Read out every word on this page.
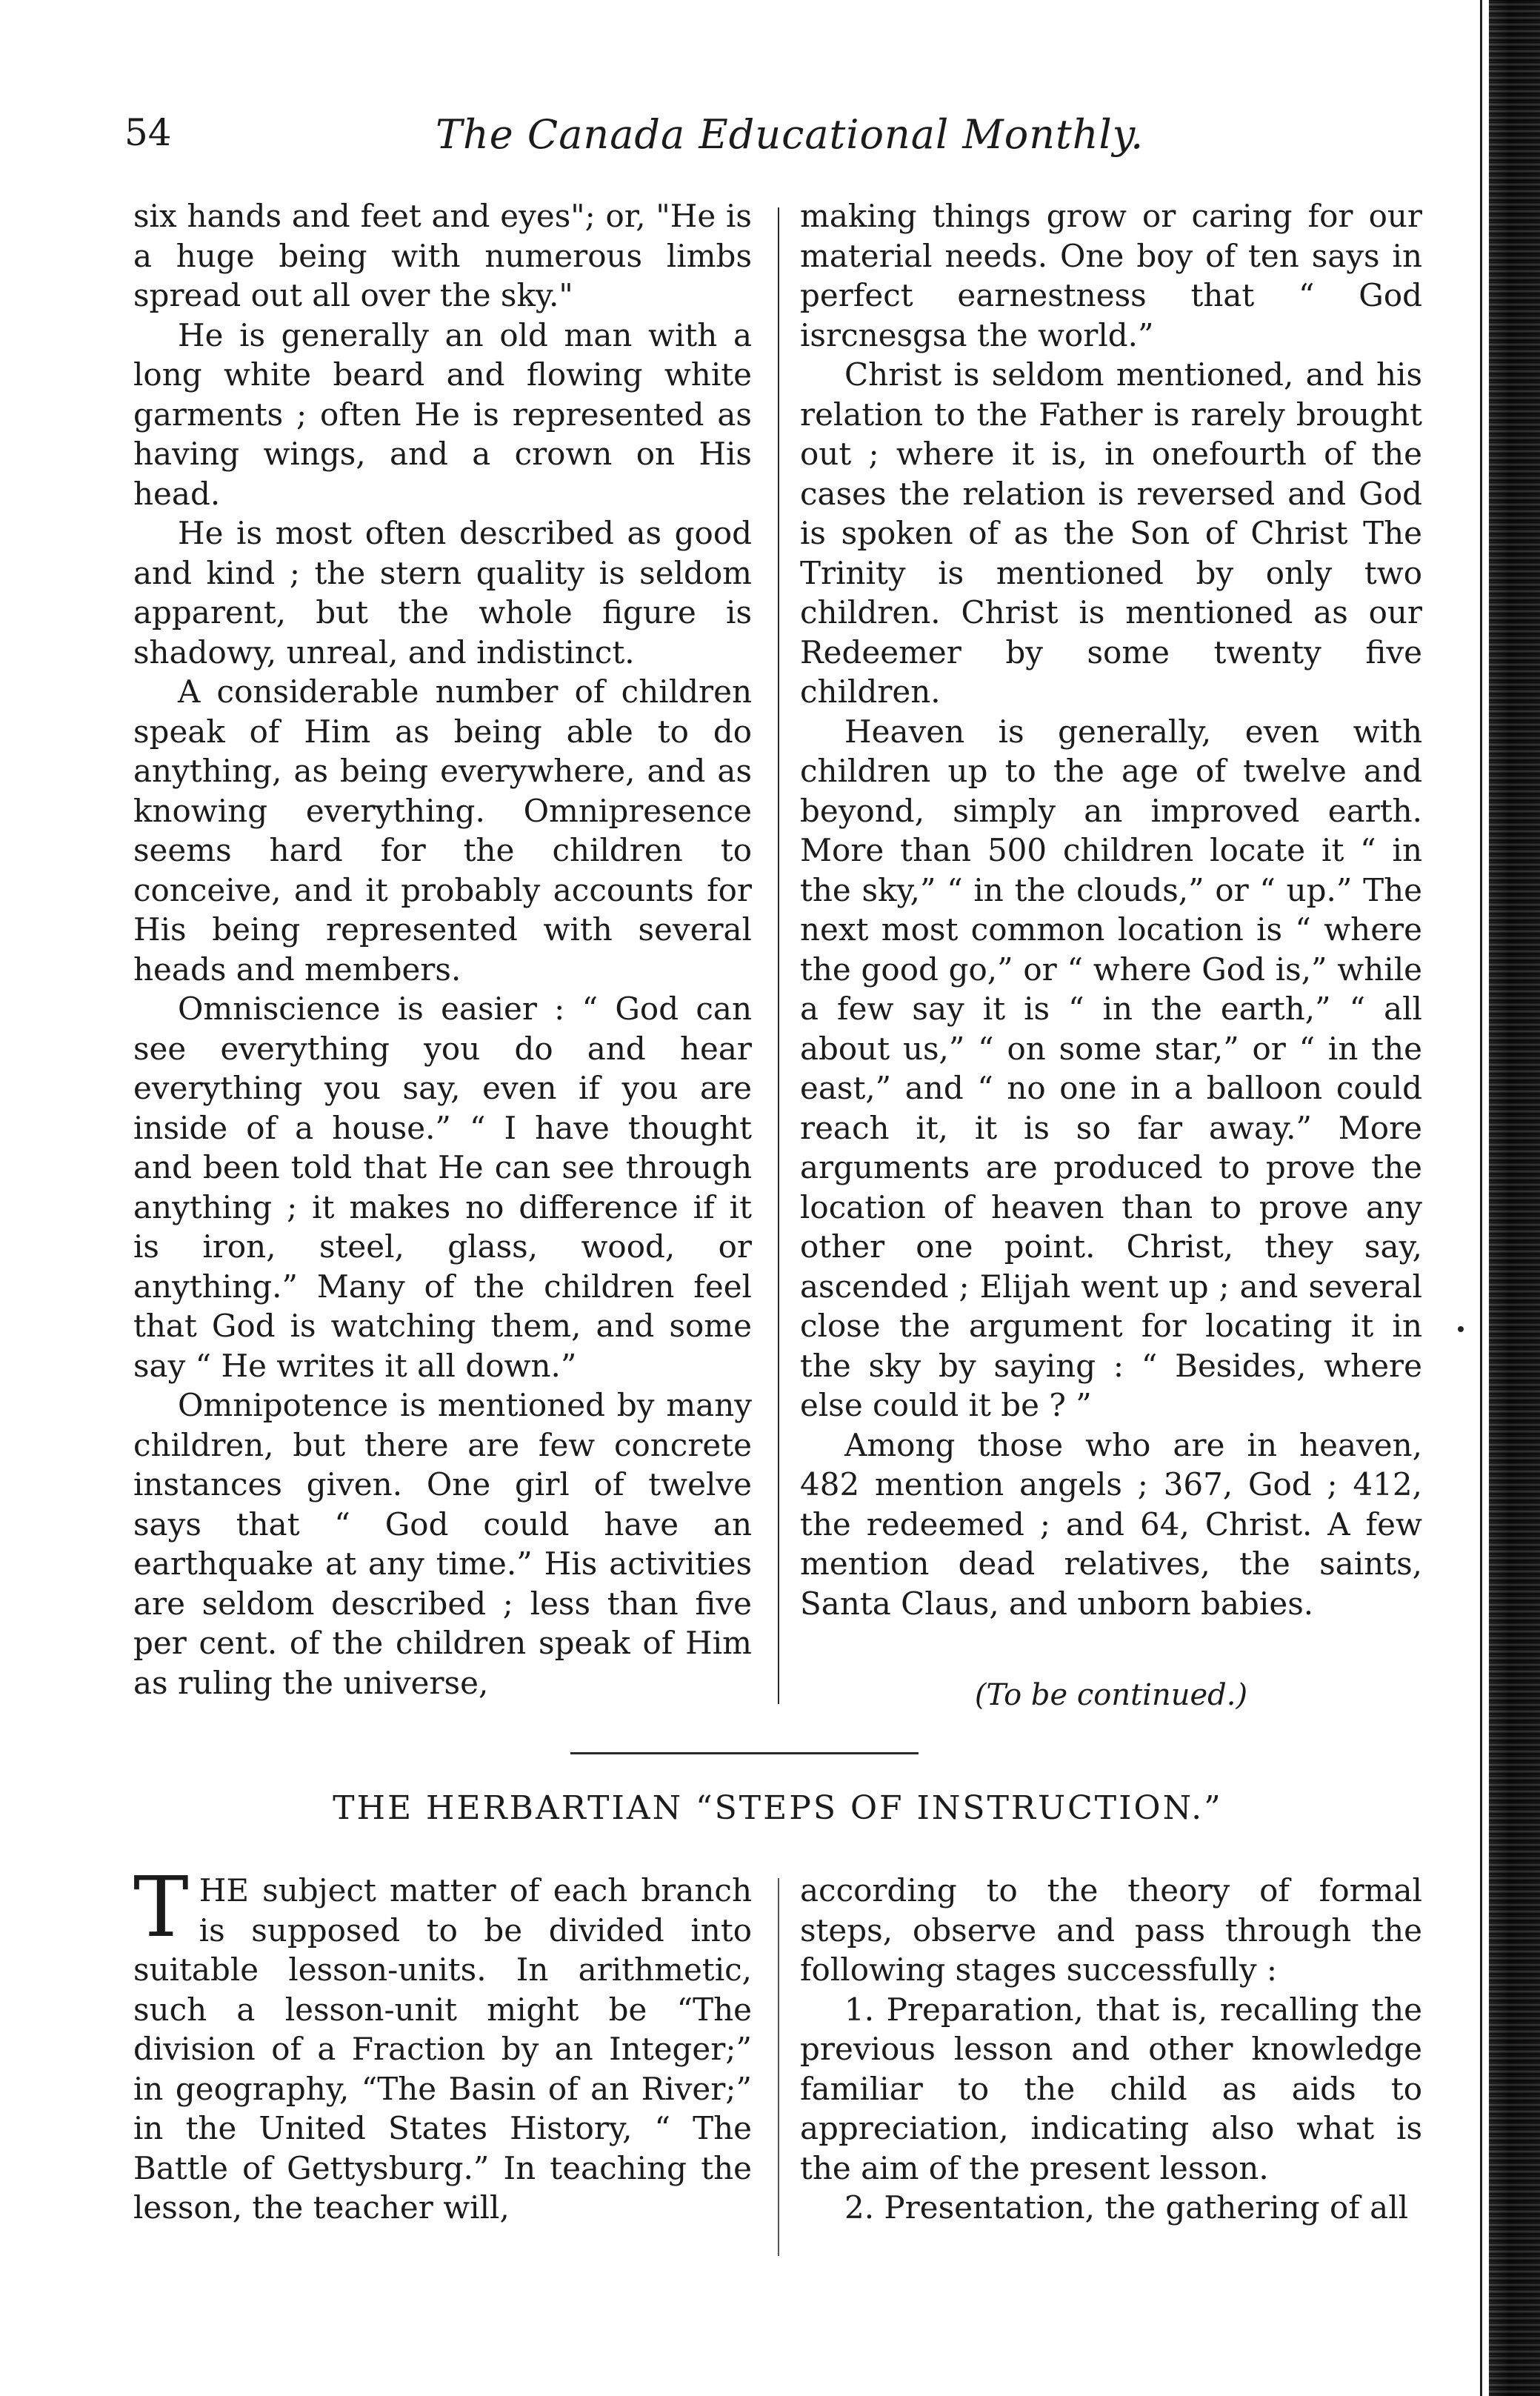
54	The Canada Educational Monthly.

six hands and feet and eyes"; or, "He is a huge being with numerous limbs spread out all over the sky."

He is generally an old man with a long white beard and flowing white garments ; often He is represented as having wings, and a crown on His head.

He is most often described as good and kind ; the stern quality is seldom apparent, but the whole figure is shadowy, unreal, and indistinct.

A considerable number of children speak of Him as being able to do anything, as being everywhere, and as knowing everything. Omnipresence seems hard for the children to conceive, and it probably accounts for His being represented with several heads and members.

Omniscience is easier : “ God can see everything you do and hear everything you say, even if you are inside of a house.” “ I have thought and been told that He can see through anything ; it makes no difference if it is iron, steel, glass, wood, or anything.” Many of the children feel that God is watching them, and some say “ He writes it all down.”

Omnipotence is mentioned by many children, but there are few concrete instances given. One girl of twelve says that “ God could have an earthquake at any time.” His activities are seldom described ; less than five per cent. of the children speak of Him as ruling the universe,

making things grow or caring for our material needs. One boy of ten says in perfect earnestness that “ God isrcnesgsa the world.”

Christ is seldom mentioned, and his relation to the Father is rarely brought out ; where it is, in onefourth of the cases the relation is reversed and God is spoken of as the Son of Christ The Trinity is mentioned by only two children. Christ is mentioned as our Redeemer by some twenty five children.

Heaven is generally, even with children up to the age of twelve and beyond, simply an improved earth. More than 500 children locate it “ in the sky,” “ in the clouds,” or “ up.” The next most common location is “ where the good go,” or “ where God is,” while a few say it is “ in the earth,” “ all about us,” “ on some star,” or “ in the east,” and “ no one in a balloon could reach it, it is so far away.” More arguments are produced to prove the location of heaven than to prove any other one point. Christ, they say, ascended ; Elijah went up ; and several close the argument for locating it in the sky by saying : “ Besides, where else could it be ? ”

Among those who are in heaven, 482 mention angels ; 367, God ; 412, the redeemed ; and 64, Christ. A few mention dead relatives, the saints, Santa Claus, and unborn babies.

(To be continued.)
THE HERBARTIAN “STEPS OF INSTRUCTION.”

THE subject matter of each branch is supposed to be divided into suitable lesson-units. In arithmetic, such a lesson-unit might be “The division of a Fraction by an Integer;” in geography, “The Basin of an River;” in the United States History, “ The Battle of Gettysburg.” In teaching the lesson, the teacher will,

according to the theory of formal steps, observe and pass through the following stages successfully :

1. Preparation, that is, recalling the previous lesson and other knowledge familiar to the child as aids to appreciation, indicating also what is the aim of the present lesson.

2. Presentation, the gathering of all
